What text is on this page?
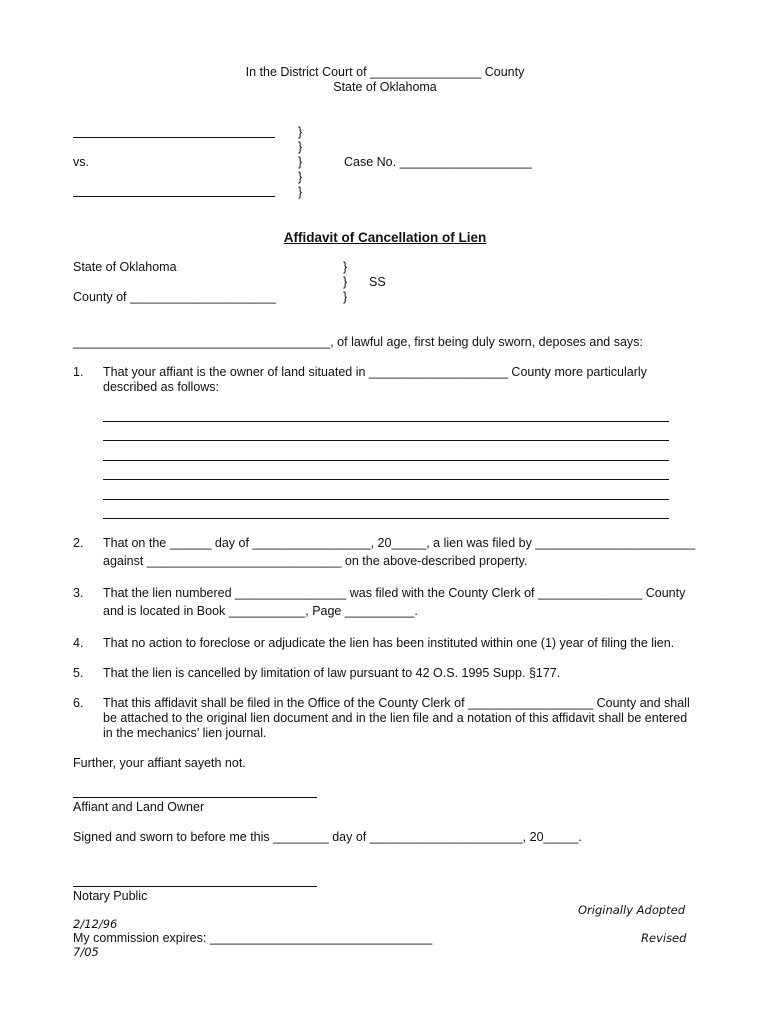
In the District Court of ________________ County
State of Oklahoma
}
}
}
}
}
vs.	Case No. ___________________
Affidavit of Cancellation of Lien
State of Oklahoma
County of _____________________
}
}
}
SS
_____________________________________, of lawful age, first being duly sworn, deposes and says:
1. That your affiant is the owner of land situated in ____________________ County more particularly
described as follows:
2. That on the ______ day of _________________, 20_____, a lien was filed by _______________________
against ____________________________ on the above-described property.
3. That the lien numbered ________________ was filed with the County Clerk of _______________ County
and is located in Book ___________, Page __________.
4. That no action to foreclose or adjudicate the lien has been instituted within one (1) year of filing the lien.
5. That the lien is cancelled by limitation of law pursuant to 42 O.S. 1995 Supp. §177.
6. That this affidavit shall be filed in the Office of the County Clerk of __________________ County and shall
be attached to the original lien document and in the lien file and a notation of this affidavit shall be entered
in the mechanics’ lien journal.
Further, your affiant sayeth not.
Affiant and Land Owner
Signed and sworn to before me this ________ day of ______________________, 20_____.
Notary Public
Originally Adopted
2/12/96
My commission expires: ________________________________	Revised
7/05
